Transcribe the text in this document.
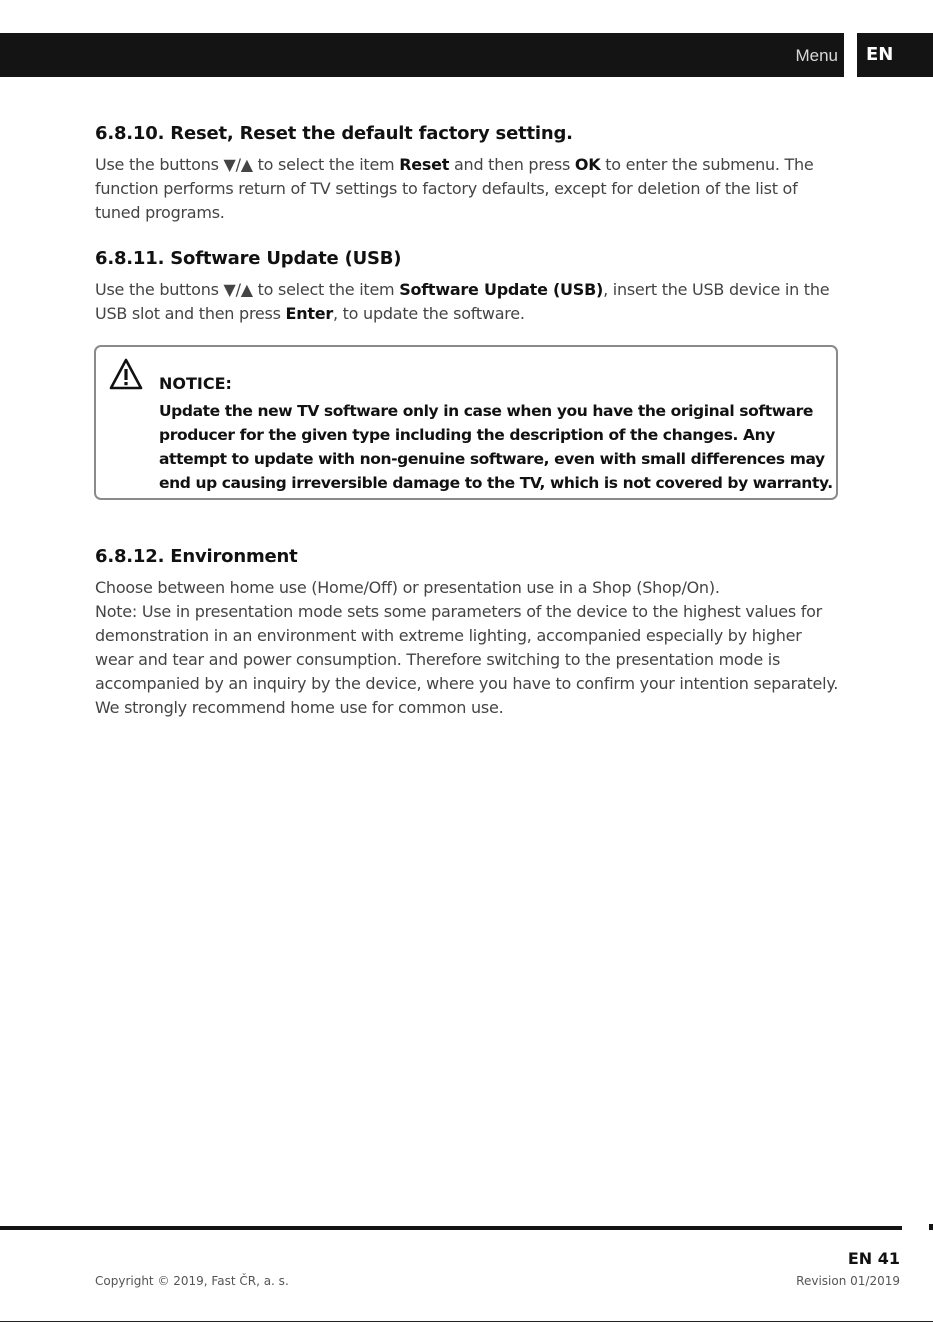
Menu	EN
6.8.10. Reset, Reset the default factory setting.

Use the buttons ▼/▲ to select the item Reset and then press OK to enter the submenu. The function performs return of TV settings to factory defaults, except for deletion of the list of tuned programs.

6.8.11. Software Update (USB)

Use the buttons ▼/▲ to select the item Software Update (USB), insert the USB device in the USB slot and then press Enter, to update the software.

NOTICE:
Update the new TV software only in case when you have the original software producer for the given type including the description of the changes. Any attempt to update with non-genuine software, even with small differences may end up causing irreversible damage to the TV, which is not covered by warranty.
6.8.12. Environment

Choose between home use (Home/Off) or presentation use in a Shop (Shop/On).
Note: Use in presentation mode sets some parameters of the device to the highest values for demonstration in an environment with extreme lighting, accompanied especially by higher wear and tear and power consumption. Therefore switching to the presentation mode is accompanied by an inquiry by the device, where you have to confirm your intention separately.
We strongly recommend home use for common use.

EN 41
Copyright © 2019, Fast ČR, a. s.	Revision 01/2019
